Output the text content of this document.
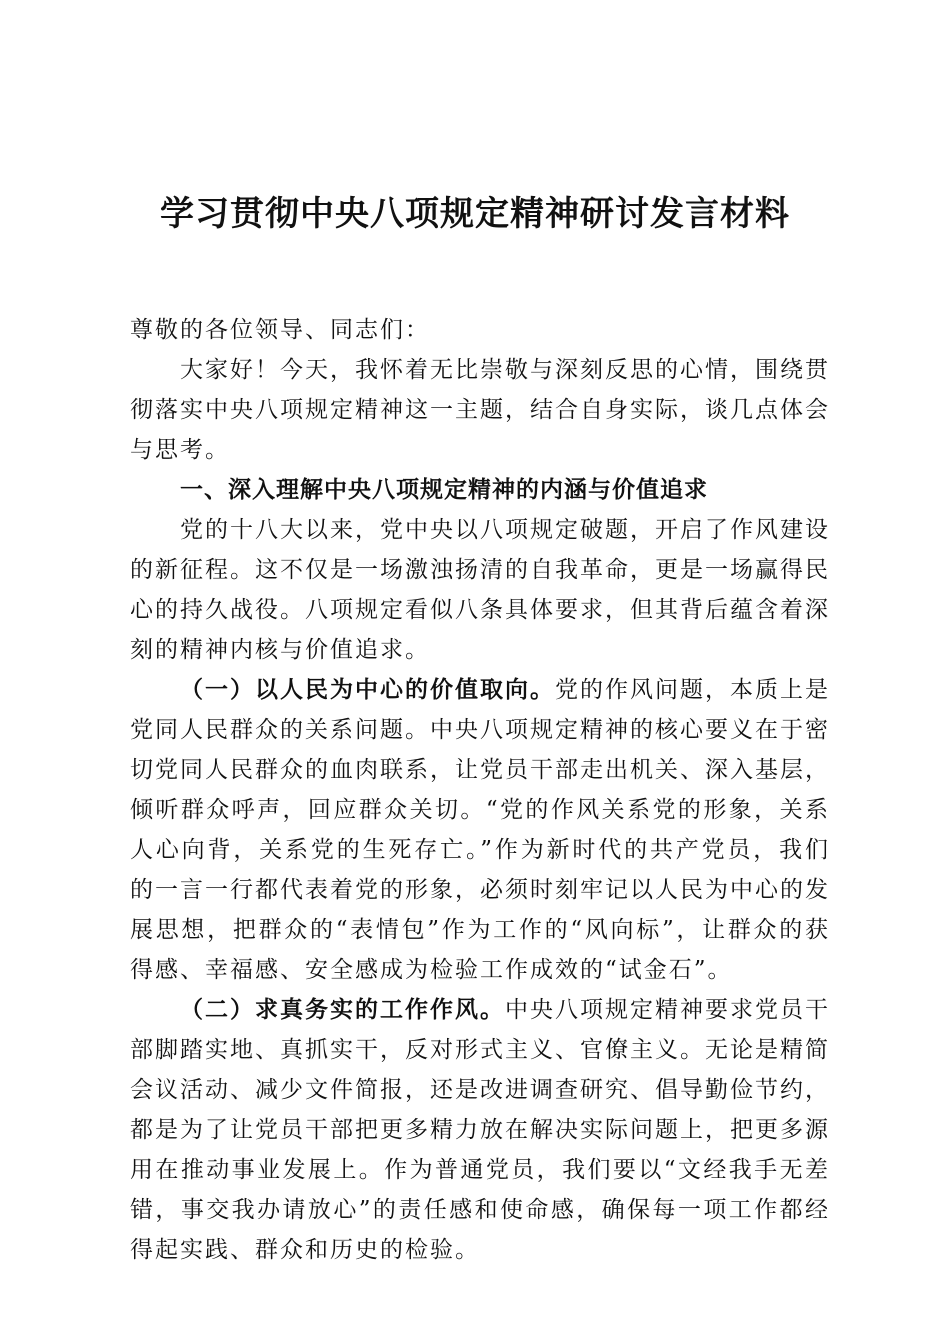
学习贯彻中央八项规定精神研讨发言材料

尊敬的各位领导、同志们：

大家好！今天，我怀着无比崇敬与深刻反思的心情，围绕贯彻落实中央八项规定精神这一主题，结合自身实际，谈几点体会与思考。

一、深入理解中央八项规定精神的内涵与价值追求

党的十八大以来，党中央以八项规定破题，开启了作风建设的新征程。这不仅是一场激浊扬清的自我革命，更是一场赢得民心的持久战役。八项规定看似八条具体要求，但其背后蕴含着深刻的精神内核与价值追求。

（一）以人民为中心的价值取向。党的作风问题，本质上是党同人民群众的关系问题。中央八项规定精神的核心要义在于密切党同人民群众的血肉联系，让党员干部走出机关、深入基层，倾听群众呼声，回应群众关切。“党的作风关系党的形象，关系人心向背，关系党的生死存亡。”作为新时代的共产党员，我们的一言一行都代表着党的形象，必须时刻牢记以人民为中心的发展思想，把群众的“表情包”作为工作的“风向标”，让群众的获得感、幸福感、安全感成为检验工作成效的“试金石”。

（二）求真务实的工作作风。中央八项规定精神要求党员干部脚踏实地、真抓实干，反对形式主义、官僚主义。无论是精简会议活动、减少文件简报，还是改进调查研究、倡导勤俭节约，都是为了让党员干部把更多精力放在解决实际问题上，把更多源用在推动事业发展上。作为普通党员，我们要以“文经我手无差错，事交我办请放心”的责任感和使命感，确保每一项工作都经得起实践、群众和历史的检验。
